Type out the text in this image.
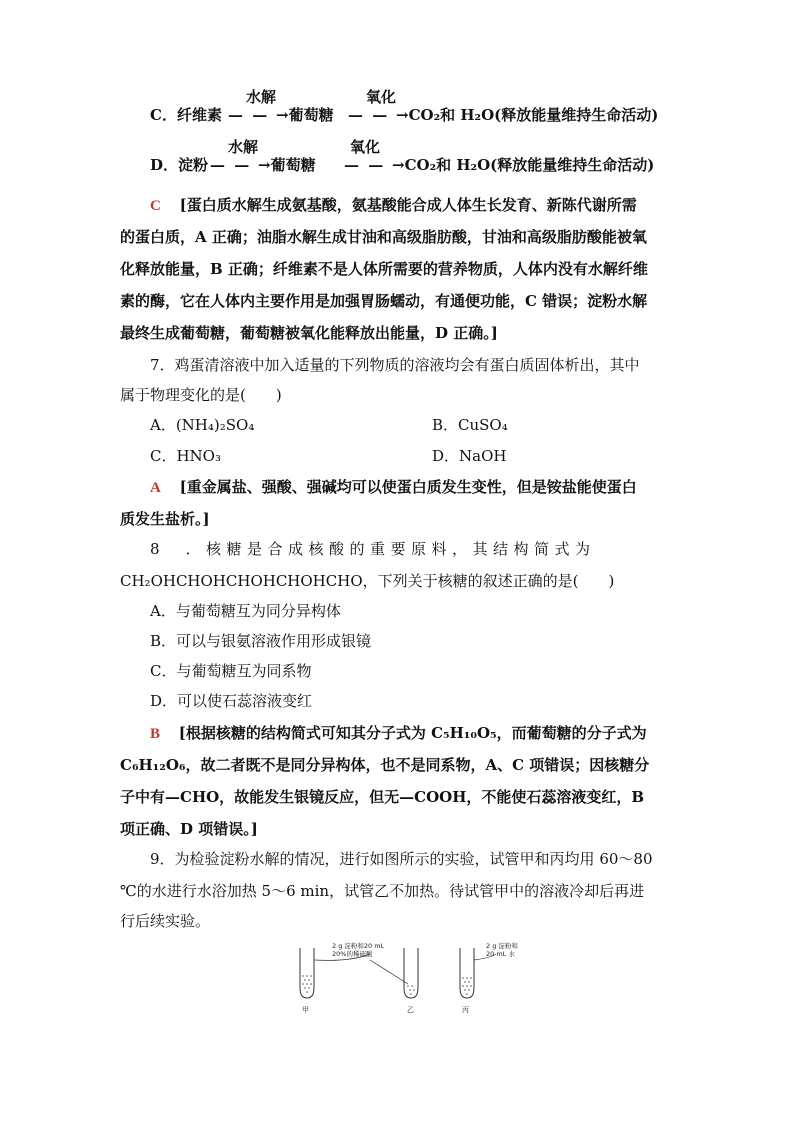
C．纤维素
水解
— — →葡萄糖
氧化
— — →CO₂和 H₂O(释放能量维持生命活动)
D．淀粉
水解
— — →葡萄糖
氧化
— — →CO₂和 H₂O(释放能量维持生命活动)
C [蛋白质水解生成氨基酸，氨基酸能合成人体生长发育、新陈代谢所需
的蛋白质，A 正确；油脂水解生成甘油和高级脂肪酸，甘油和高级脂肪酸能被氧
化释放能量，B 正确；纤维素不是人体所需要的营养物质，人体内没有水解纤维
素的酶，它在人体内主要作用是加强胃肠蠕动，有通便功能，C 错误；淀粉水解
最终生成葡萄糖，葡萄糖被氧化能释放出能量，D 正确。]
7．鸡蛋清溶液中加入适量的下列物质的溶液均会有蛋白质固体析出，其中
属于物理变化的是(　　)
A．(NH₄)₂SO₄	B．CuSO₄
C．HNO₃	D．NaOH
A [重金属盐、强酸、强碱均可以使蛋白质发生变性，但是铵盐能使蛋白
质发生盐析。]
8　．核糖是合成核酸的重要原料，其结构简式为
CH₂OHCHOHCHOHCHOHCHO，下列关于核糖的叙述正确的是(　　)
A．与葡萄糖互为同分异构体
B．可以与银氨溶液作用形成银镜
C．与葡萄糖互为同系物
D．可以使石蕊溶液变红
B [根据核糖的结构简式可知其分子式为 C₅H₁₀O₅，而葡萄糖的分子式为
C₆H₁₂O₆，故二者既不是同分异构体，也不是同系物，A、C 项错误；因核糖分
子中有—CHO，故能发生银镜反应，但无—COOH，不能使石蕊溶液变红，B
项正确、D 项错误。]
9．为检验淀粉水解的情况，进行如图所示的实验，试管甲和丙均用 60～80
℃的水进行水浴加热 5～6 min，试管乙不加热。待试管甲中的溶液冷却后再进
行后续实验。
2 g 淀粉和20 mL
20%的稀硫酸
2 g 淀粉和
20 mL 水
甲	乙	丙
